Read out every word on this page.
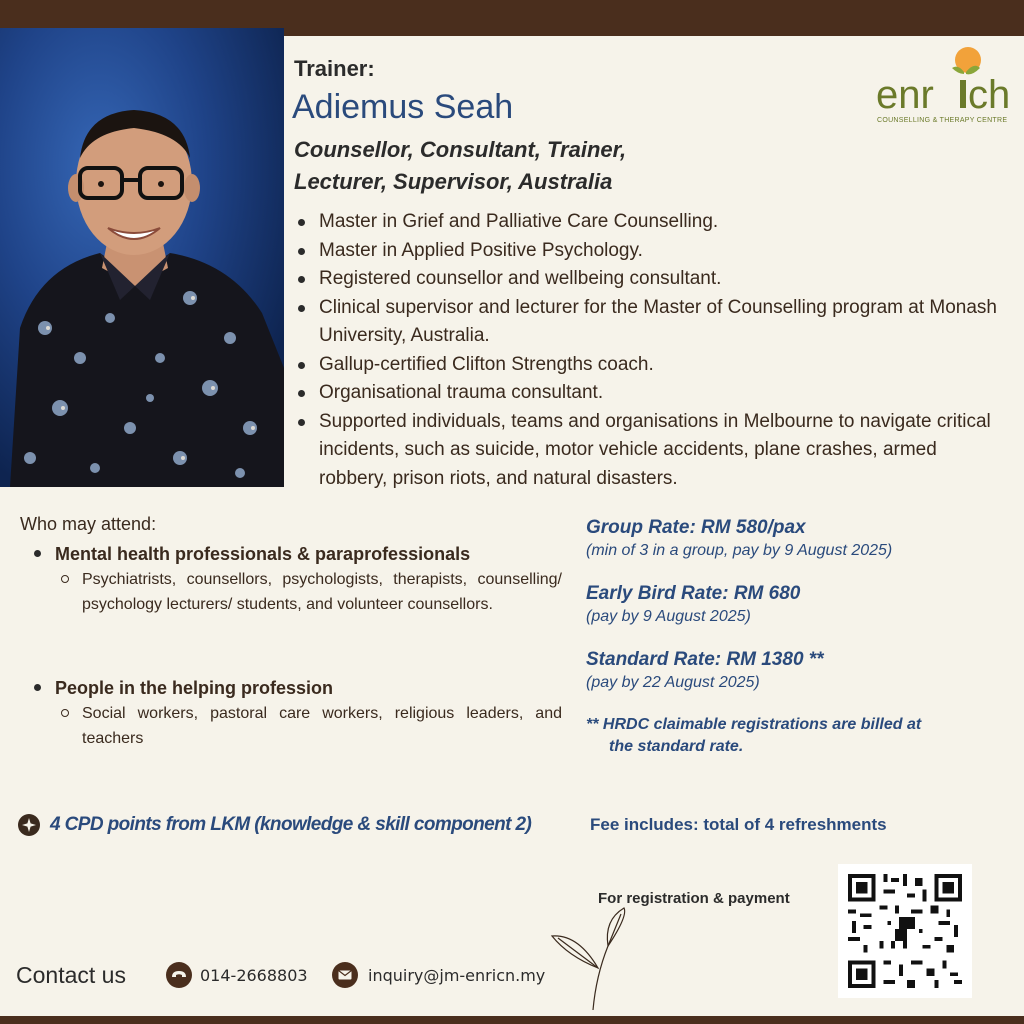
Trainer:
Adiemus Seah
Counsellor, Consultant, Trainer,
Lecturer, Supervisor, Australia
enr ch
COUNSELLING & THERAPY CENTRE
Master in Grief and Palliative Care Counselling.
Master in Applied Positive Psychology.
Registered counsellor and wellbeing consultant.
Clinical supervisor and lecturer for the Master of Counselling program at Monash University, Australia.
Gallup-certified Clifton Strengths coach.
Organisational trauma consultant.
Supported individuals, teams and organisations in Melbourne to navigate critical incidents, such as suicide, motor vehicle accidents, plane crashes, armed robbery, prison riots, and natural disasters.
Who may attend:
Mental health professionals & paraprofessionals
Psychiatrists, counsellors, psychologists, therapists, counselling/ psychology lecturers/ students, and volunteer counsellors.
People in the helping profession
Social workers, pastoral care workers, religious leaders, and teachers
Group Rate: RM 580/pax
(min of 3 in a group, pay by 9 August 2025)
Early Bird Rate: RM 680
(pay by 9 August 2025)
Standard Rate: RM 1380 **
(pay by 22 August 2025)
** HRDC claimable registrations are billed at
the standard rate.
4 CPD points from LKM (knowledge & skill component 2)	Fee includes: total of 4 refreshments
For registration & payment
Contact us	014-2668803	inquiry@jm-enricn.my
